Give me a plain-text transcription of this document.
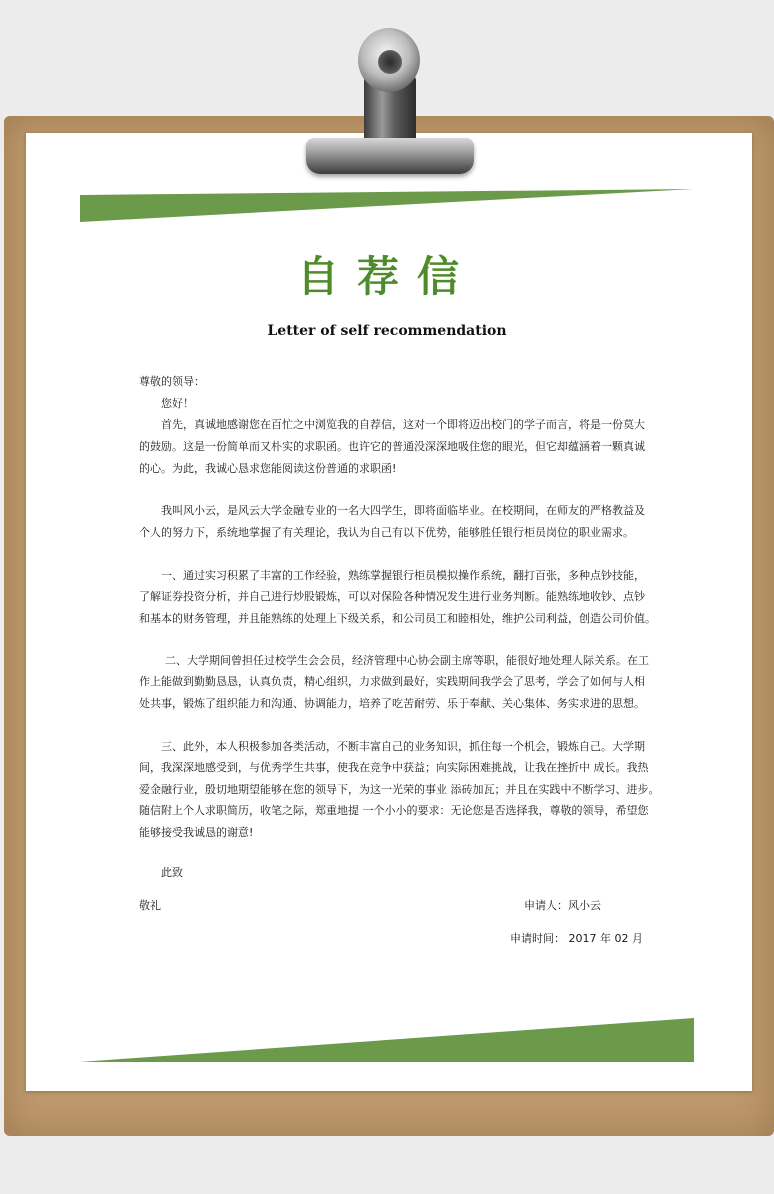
自荐信
Letter of self recommendation

尊敬的领导：

您好！

首先，真诚地感谢您在百忙之中浏览我的自荐信，这对一个即将迈出校门的学子而言，将是一份莫大

的鼓励。这是一份简单而又朴实的求职函。也许它的普通没深深地吸住您的眼光，但它却蕴涵着一颗真诚

的心。为此，我诚心恳求您能阅读这份普通的求职函!

我叫风小云，是风云大学金融专业的一名大四学生，即将面临毕业。在校期间，在师友的严格教益及

个人的努力下，系统地掌握了有关理论，我认为自己有以下优势，能够胜任银行柜员岗位的职业需求。

一、通过实习积累了丰富的工作经验，熟练掌握银行柜员模拟操作系统，翻打百张，多种点钞技能，

了解证券投资分析，并自己进行炒股锻炼，可以对保险各种情况发生进行业务判断。能熟练地收钞、点钞

和基本的财务管理，并且能熟练的处理上下级关系，和公司员工和睦相处，维护公司利益，创造公司价值。

二、大学期间曾担任过校学生会会员，经济管理中心协会副主席等职，能很好地处理人际关系。在工

作上能做到勤勤恳恳，认真负责，精心组织，力求做到最好，实践期间我学会了思考，学会了如何与人相

处共事，锻炼了组织能力和沟通、协调能力，培养了吃苦耐劳、乐于奉献、关心集体、务实求进的思想。

三、此外，本人积极参加各类活动，不断丰富自己的业务知识，抓住每一个机会，锻炼自己。大学期

间，我深深地感受到，与优秀学生共事，使我在竞争中获益；向实际困难挑战，让我在挫折中 成长。我热

爱金融行业，殷切地期望能够在您的领导下，为这一光荣的事业 添砖加瓦；并且在实践中不断学习、进步。

随信附上个人求职简历，收笔之际，郑重地提 一个小小的要求：无论您是否选择我，尊敬的领导，希望您

能够接受我诚恳的谢意!

此致

敬礼	申请人：风小云

申请时间： 2017 年 02 月
